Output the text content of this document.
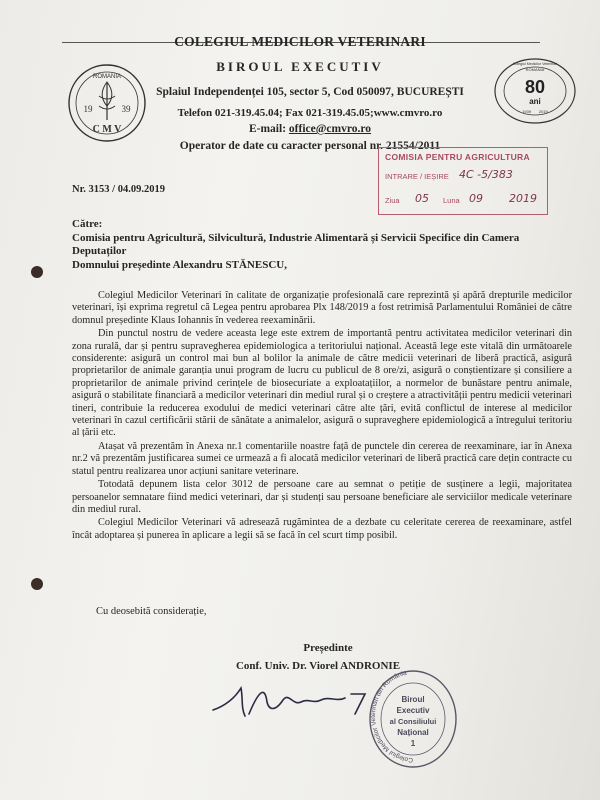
COLEGIUL MEDICILOR VETERINARI
BIROUL EXECUTIV
Splaiul Independenței 105, sector 5, Cod 050097, BUCUREȘTI
Telefon 021-319.45.04; Fax 021-319.45.05;www.cmvro.ro
E-mail: office@cmvro.ro
Operator de date cu caracter personal nr. 21554/2011
ROMANIA
19	39
C M V
Colegiul Medicilor Veterinari
ROMANIA
80
ani
1939       2019
COMISIA PENTRU AGRICULTURA
INTRARE / IEȘIRE 4C -5/383
Ziua 05 Luna 09 2019
Nr. 3153 / 04.09.2019
Către:
Comisia pentru Agricultură, Silvicultură, Industrie Alimentară și Servicii Specifice din Camera
Deputaților
Domnului președinte Alexandru STĂNESCU,

Colegiul Medicilor Veterinari în calitate de organizație profesională care reprezintă și apără drepturile medicilor veterinari, își exprima regretul că Legea pentru aprobarea Plx 148/2019 a fost retrimisă Parlamentului României de către domnul președinte Klaus Iohannis în vederea reexaminării.

Din punctul nostru de vedere aceasta lege este extrem de importantă pentru activitatea medicilor veterinari din zona rurală, dar și pentru supravegherea epidemiologica a teritoriului național. Această lege este vitală din următoarele considerente: asigură un control mai bun al bolilor la animale de către medicii veterinari de liberă practică, asigură proprietarilor de animale garanția unui program de lucru cu publicul de 8 ore/zi, asigură o conștientizare și consiliere a proprietarilor de animale privind cerințele de biosecuriate a exploatațiilor, a normelor de bunăstare pentru animale, asigură o stabilitate financiară a medicilor veterinari din mediul rural și o creștere a atractivității pentru medicii veterinari tineri, contribuie la reducerea exodului de medici veterinari către alte țări, evită conflictul de interese al medicilor veterinari în cazul certificării stării de sănătate a animalelor, asigură o supraveghere epidemiologică a întregului teritoriu al țării etc.

Atașat vă prezentăm în Anexa nr.1 comentariile noastre față de punctele din cererea de reexaminare, iar în Anexa nr.2 vă prezentăm justificarea sumei ce urmează a fi alocată medicilor veterinari de liberă practică care dețin contracte cu statul pentru realizarea unor acțiuni sanitare veterinare.

Totodată depunem lista celor 3012 de persoane care au semnat o petiție de susținere a legii, majoritatea persoanelor semnatare fiind medici veterinari, dar și studenți sau persoane beneficiare ale serviciilor medicale veterinare din mediul rural.

Colegiul Medicilor Veterinari vă adresează rugămintea de a dezbate cu celeritate cererea de reexaminare, astfel încât adoptarea și punerea în aplicare a legii să se facă în cel scurt timp posibil.

Cu deosebită considerație,
Președinte
Conf. Univ. Dr. Viorel ANDRONIE
Colegiul Medicilor Veterinari din România
Biroul
Executiv
al Consiliului
Național
1
